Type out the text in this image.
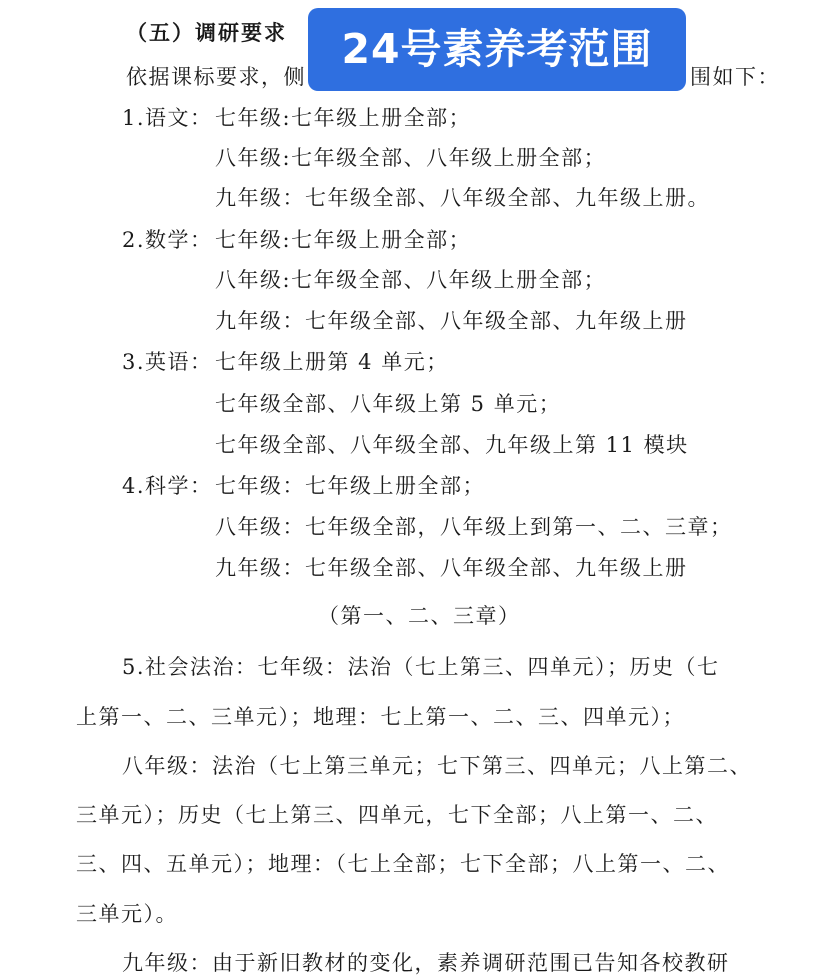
（五）调研要求
依据课标要求，侧	围如下：
1.语文： 七年级:七年级上册全部；
八年级:七年级全部、八年级上册全部；
九年级：七年级全部、八年级全部、九年级上册。
2.数学： 七年级:七年级上册全部；
八年级:七年级全部、八年级上册全部；
九年级：七年级全部、八年级全部、九年级上册
3.英语： 七年级上册第 4 单元；
七年级全部、八年级上第 5 单元；
七年级全部、八年级全部、九年级上第 11 模块
4.科学： 七年级：七年级上册全部；
八年级：七年级全部，八年级上到第一、二、三章；
九年级：七年级全部、八年级全部、九年级上册
（第一、二、三章）
5.社会法治：七年级：法治（七上第三、四单元）；历史（七
上第一、二、三单元）；地理：七上第一、二、三、四单元）；
八年级：法治（七上第三单元；七下第三、四单元；八上第二、
三单元）；历史（七上第三、四单元，七下全部；八上第一、二、
三、四、五单元）；地理：（七上全部；七下全部；八上第一、二、
三单元）。
九年级：由于新旧教材的变化，素养调研范围已告知各校教研
24号素养考范围
